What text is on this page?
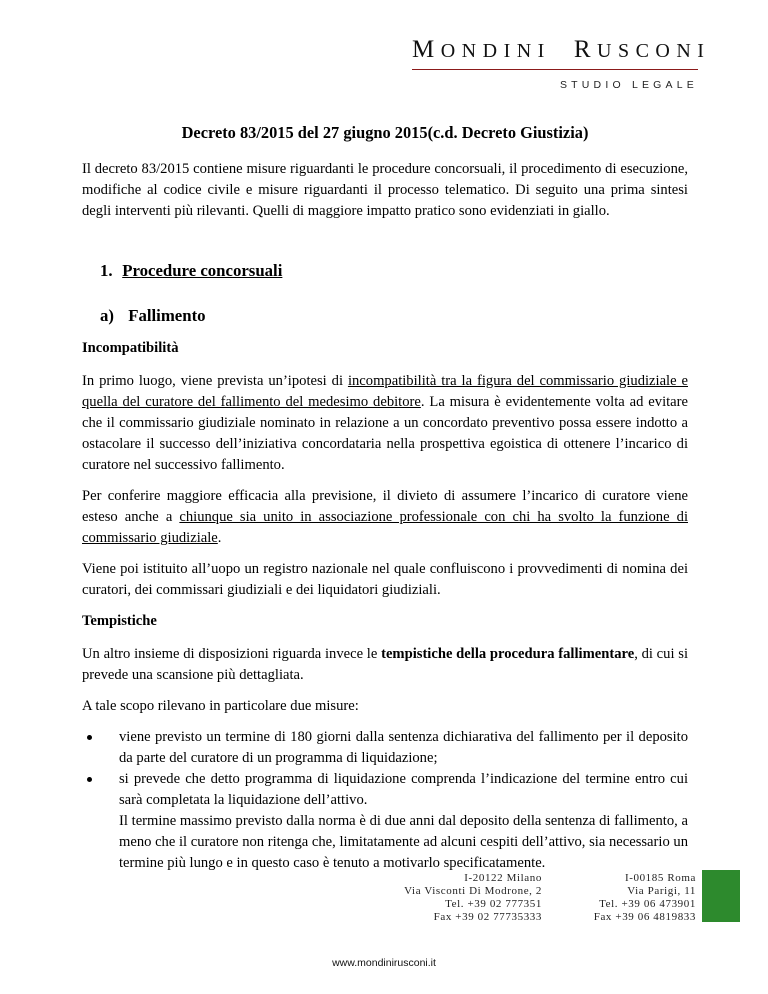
MONDINI RUSCONI
STUDIO LEGALE
Decreto 83/2015 del 27 giugno 2015(c.d. Decreto Giustizia)

Il decreto 83/2015 contiene misure riguardanti le procedure concorsuali, il procedimento di esecuzione, modifiche al codice civile e misure riguardanti il processo telematico. Di seguito una prima sintesi degli interventi più rilevanti. Quelli di maggiore impatto pratico sono evidenziati in giallo.

1. Procedure concorsuali
a) Fallimento
Incompatibilità

In primo luogo, viene prevista un’ipotesi di incompatibilità tra la figura del commissario giudiziale e quella del curatore del fallimento del medesimo debitore. La misura è evidentemente volta ad evitare che il commissario giudiziale nominato in relazione a un concordato preventivo possa essere indotto a ostacolare il successo dell’iniziativa concordataria nella prospettiva egoistica di ottenere l’incarico di curatore nel successivo fallimento.

Per conferire maggiore efficacia alla previsione, il divieto di assumere l’incarico di curatore viene esteso anche a chiunque sia unito in associazione professionale con chi ha svolto la funzione di commissario giudiziale.

Viene poi istituito all’uopo un registro nazionale nel quale confluiscono i provvedimenti di nomina dei curatori, dei commissari giudiziali e dei liquidatori giudiziali.

Tempistiche

Un altro insieme di disposizioni riguarda invece le tempistiche della procedura fallimentare, di cui si prevede una scansione più dettagliata.

A tale scopo rilevano in particolare due misure:

viene previsto un termine di 180 giorni dalla sentenza dichiarativa del fallimento per il deposito da parte del curatore di un programma di liquidazione;
si prevede che detto programma di liquidazione comprenda l’indicazione del termine entro cui sarà completata la liquidazione dell’attivo.
Il termine massimo previsto dalla norma è di due anni dal deposito della sentenza di fallimento, a meno che il curatore non ritenga che, limitatamente ad alcuni cespiti dell’attivo, sia necessario un termine più lungo e in questo caso è tenuto a motivarlo specificatamente.
I-20122 Milano
Via Visconti Di Modrone, 2
Tel. +39 02 777351
Fax +39 02 77735333
I-00185 Roma
Via Parigi, 11
Tel. +39 06 473901
Fax +39 06 4819833
www.mondinirusconi.it
